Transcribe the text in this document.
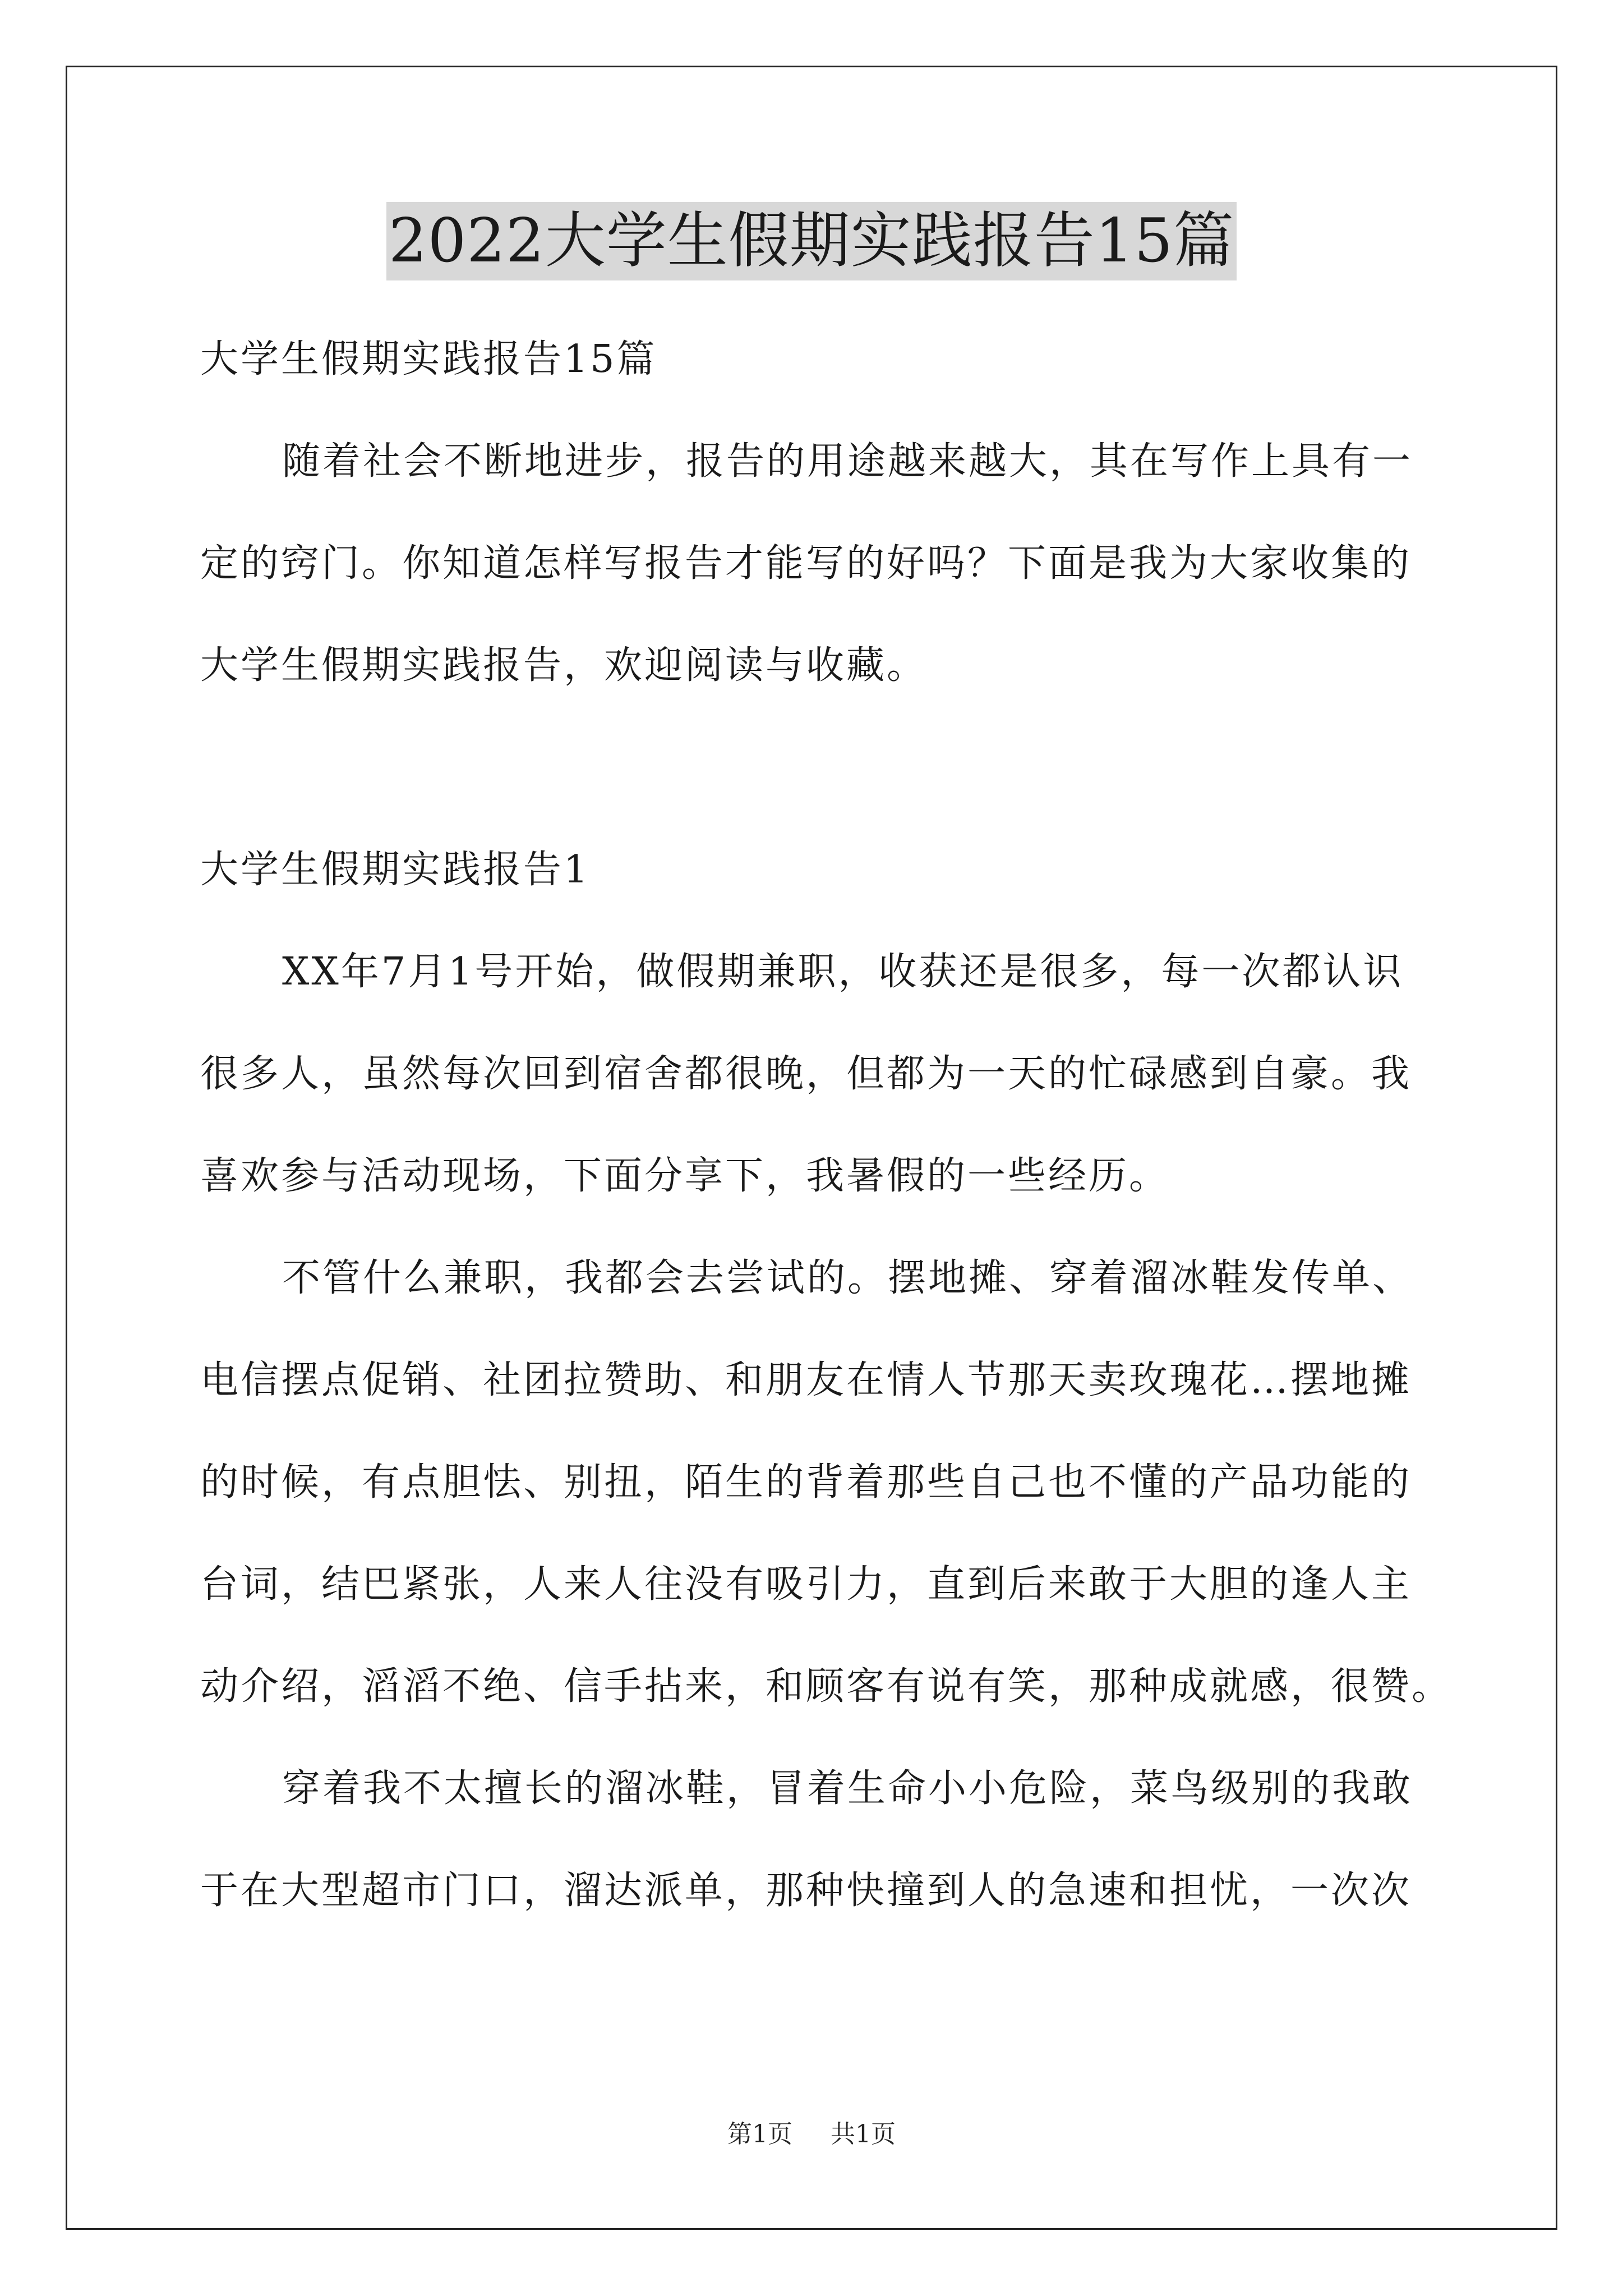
2022大学生假期实践报告15篇
大学生假期实践报告15篇
随着社会不断地进步，报告的用途越来越大，其在写作上具有一
定的窍门。你知道怎样写报告才能写的好吗？下面是我为大家收集的
大学生假期实践报告，欢迎阅读与收藏。
大学生假期实践报告1
XX年7月1号开始，做假期兼职，收获还是很多，每一次都认识
很多人，虽然每次回到宿舍都很晚，但都为一天的忙碌感到自豪。我
喜欢参与活动现场，下面分享下，我暑假的一些经历。
不管什么兼职，我都会去尝试的。摆地摊、穿着溜冰鞋发传单、
电信摆点促销、社团拉赞助、和朋友在情人节那天卖玫瑰花…摆地摊
的时候，有点胆怯、别扭，陌生的背着那些自己也不懂的产品功能的
台词，结巴紧张，人来人往没有吸引力，直到后来敢于大胆的逢人主
动介绍，滔滔不绝、信手拈来，和顾客有说有笑，那种成就感，很赞。
穿着我不太擅长的溜冰鞋，冒着生命小小危险，菜鸟级别的我敢
于在大型超市门口，溜达派单，那种快撞到人的急速和担忧，一次次
第1页 共1页
